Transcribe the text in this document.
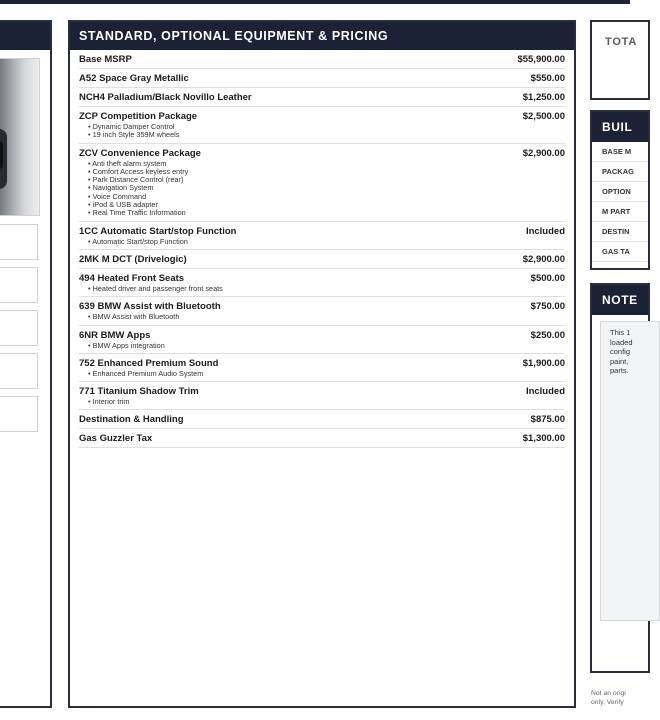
STANDARD, OPTIONAL EQUIPMENT & PRICING
Base MSRP	$55,900.00
A52 Space Gray Metallic	$550.00
NCH4 Palladium/Black Novillo Leather	$1,250.00
ZCP Competition Package	$2,500.00
• Dynamic Damper Control
• 19 inch Style 359M wheels
ZCV Convenience Package	$2,900.00
• Anti theft alarm system
• Comfort Access keyless entry
• Park Distance Control (rear)
• Navigation System
• Voice Command
• iPod & USB adapter
• Real Time Traffic Information
1CC Automatic Start/stop Function	Included
• Automatic Start/stop Function
2MK M DCT (Drivelogic)	$2,900.00
494 Heated Front Seats	$500.00
• Heated driver and passenger front seats
639 BMW Assist with Bluetooth	$750.00
• BMW Assist with Bluetooth
6NR BMW Apps	$250.00
• BMW Apps integration
752 Enhanced Premium Sound	$1,900.00
• Enhanced Premium Audio System
771 Titanium Shadow Trim	Included
• Interior trim
Destination & Handling	$875.00
Gas Guzzler Tax	$1,300.00
TOTA
BUIL
BASE M
PACKAG
OPTION
M PART
DESTIN
GAS TA
NOTE
This 1
loaded
config
paint,
parts.
Not an origi
only. Verify
